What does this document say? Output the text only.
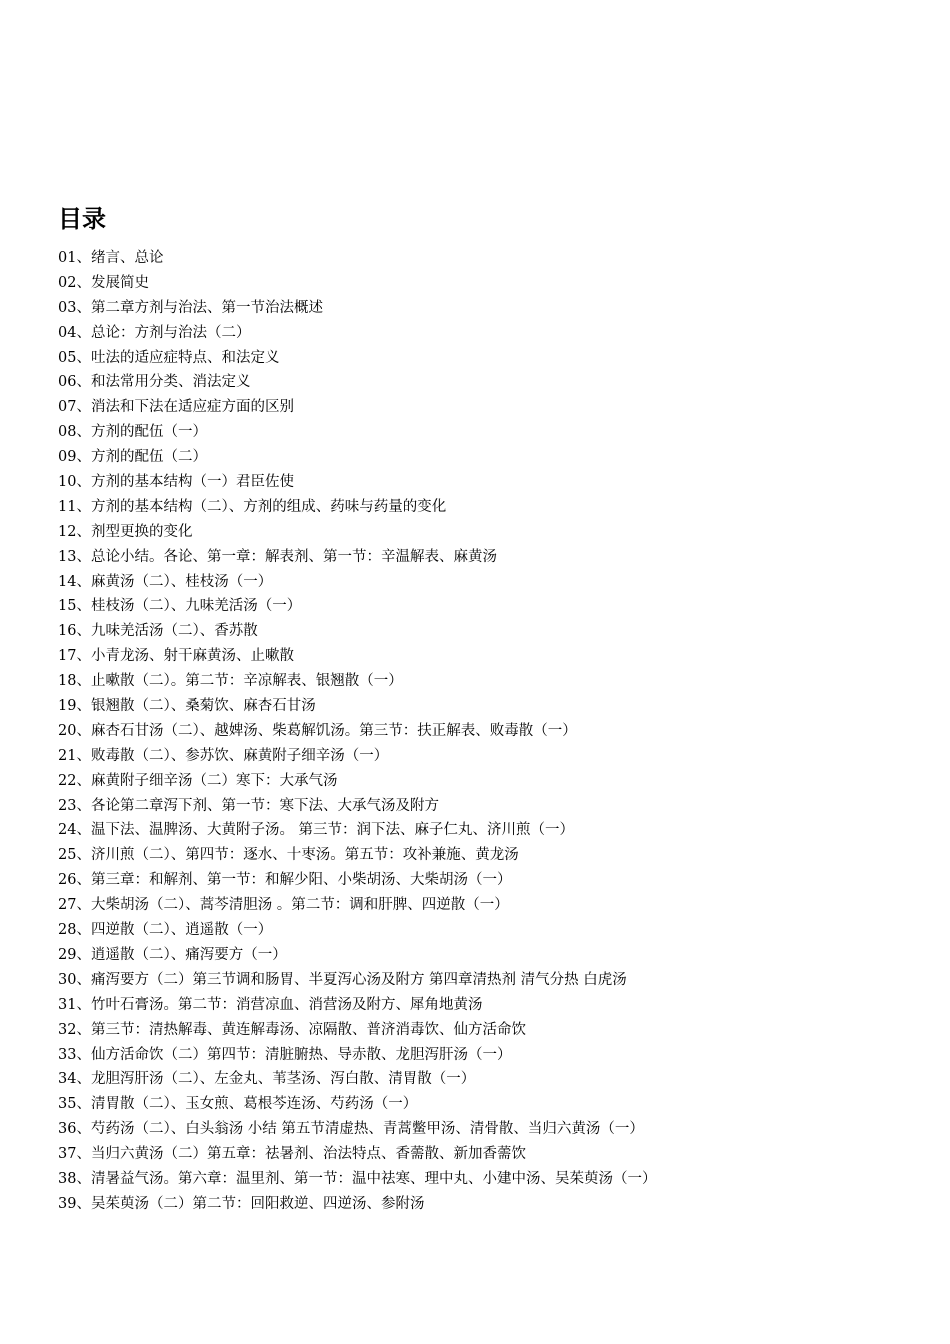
目录
01、绪言、总论
02、发展简史
03、第二章方剂与治法、第一节治法概述
04、总论：方剂与治法（二）
05、吐法的适应症特点、和法定义
06、和法常用分类、消法定义
07、消法和下法在适应症方面的区别
08、方剂的配伍（一）
09、方剂的配伍（二）
10、方剂的基本结构（一）君臣佐使
11、方剂的基本结构（二）、方剂的组成、药味与药量的变化
12、剂型更换的变化
13、总论小结。各论、第一章：解表剂、第一节：辛温解表、麻黄汤
14、麻黄汤（二）、桂枝汤（一）
15、桂枝汤（二）、九味羌活汤（一）
16、九味羌活汤（二）、香苏散
17、小青龙汤、射干麻黄汤、止嗽散
18、止嗽散（二）。第二节：辛凉解表、银翘散（一）
19、银翘散（二）、桑菊饮、麻杏石甘汤
20、麻杏石甘汤（二）、越婢汤、柴葛解饥汤。第三节：扶正解表、败毒散（一）
21、败毒散（二）、参苏饮、麻黄附子细辛汤（一）
22、麻黄附子细辛汤（二）寒下：大承气汤
23、各论第二章泻下剂、第一节：寒下法、大承气汤及附方
24、温下法、温脾汤、大黄附子汤。 第三节：润下法、麻子仁丸、济川煎（一）
25、济川煎（二）、第四节：逐水、十枣汤。第五节：攻补兼施、黄龙汤
26、第三章：和解剂、第一节：和解少阳、小柴胡汤、大柴胡汤（一）
27、大柴胡汤（二）、蒿芩清胆汤 。第二节：调和肝脾、四逆散（一）
28、四逆散（二）、逍遥散（一）
29、逍遥散（二）、痛泻要方（一）
30、痛泻要方（二）第三节调和肠胃、半夏泻心汤及附方 第四章清热剂 清气分热 白虎汤
31、竹叶石膏汤。第二节：消营凉血、消营汤及附方、犀角地黄汤
32、第三节：清热解毒、黄连解毒汤、凉隔散、普济消毒饮、仙方活命饮
33、仙方活命饮（二）第四节：清脏腑热、导赤散、龙胆泻肝汤（一）
34、龙胆泻肝汤（二）、左金丸、苇茎汤、泻白散、清胃散（一）
35、清胃散（二）、玉女煎、葛根芩连汤、芍药汤（一）
36、芍药汤（二）、白头翁汤 小结 第五节清虚热、青蒿鳖甲汤、清骨散、当归六黄汤（一）
37、当归六黄汤（二）第五章：祛暑剂、治法特点、香薷散、新加香薷饮
38、清暑益气汤。第六章：温里剂、第一节：温中祛寒、理中丸、小建中汤、吴茱萸汤（一）
39、吴茱萸汤（二）第二节：回阳救逆、四逆汤、参附汤
